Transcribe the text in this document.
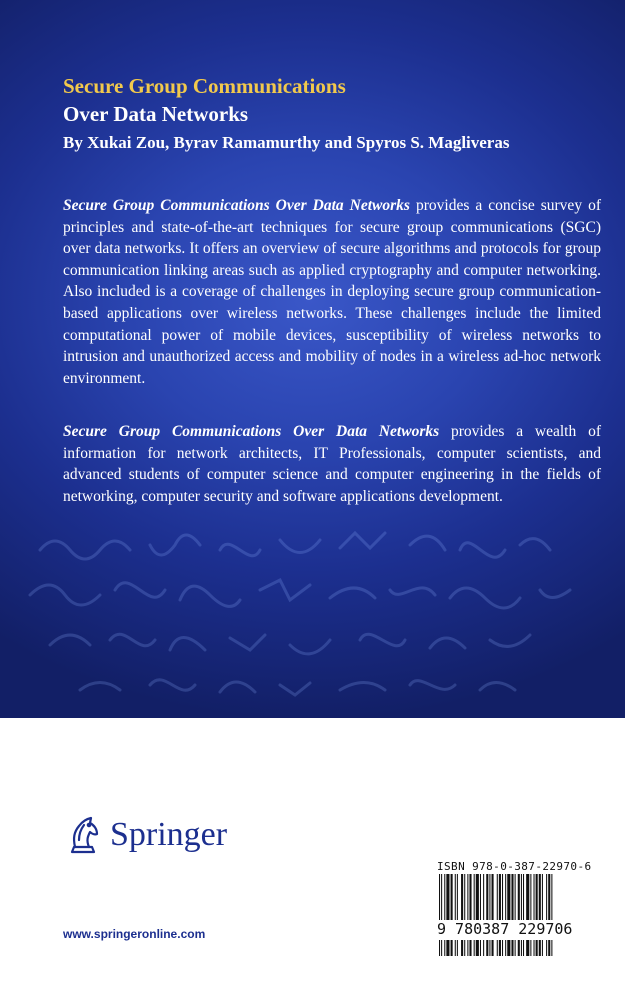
Secure Group Communications
Over Data Networks

By Xukai Zou, Byrav Ramamurthy and Spyros S. Magliveras

Secure Group Communications Over Data Networks provides a concise survey of principles and state-of-the-art techniques for secure group communications (SGC) over data networks. It offers an overview of secure algorithms and protocols for group communication linking areas such as applied cryptography and computer networking. Also included is a coverage of challenges in deploying secure group communication-based applications over wireless networks. These challenges include the limited computational power of mobile devices, susceptibility of wireless networks to intrusion and unauthorized access and mobility of nodes in a wireless ad-hoc network environment.

Secure Group Communications Over Data Networks provides a wealth of information for network architects, IT Professionals, computer scientists, and advanced students of computer science and computer engineering in the fields of networking, computer security and software applications development.

Springer
www.springeronline.com
ISBN 978-0-387-22970-6
9 780387 229706
